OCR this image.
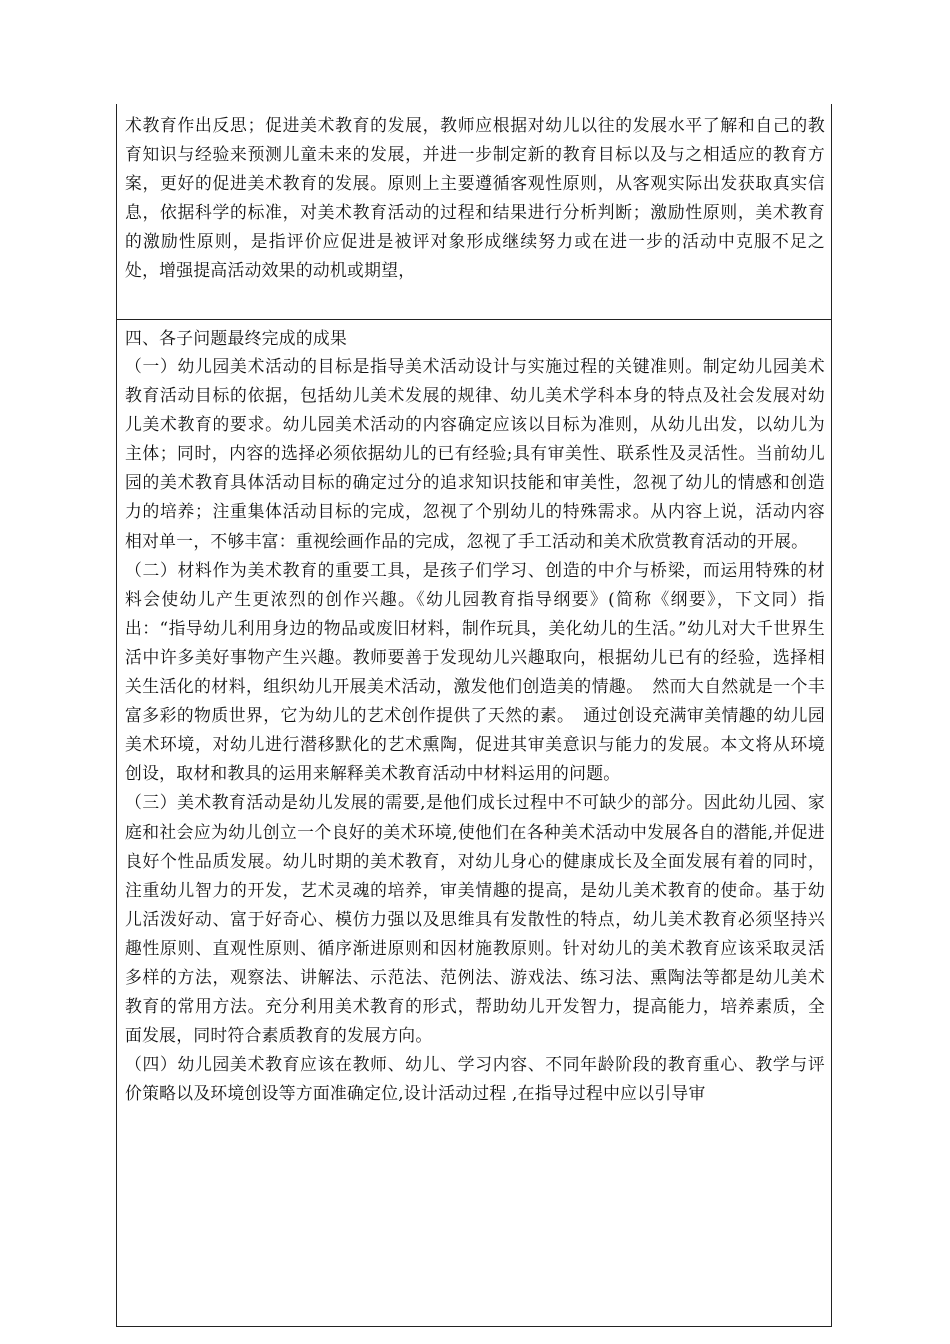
术教育作出反思；促进美术教育的发展，教师应根据对幼儿以往的发展水平了解和自己的教育知识与经验来预测儿童未来的发展，并进一步制定新的教育目标以及与之相适应的教育方案，更好的促进美术教育的发展。原则上主要遵循客观性原则，从客观实际出发获取真实信息，依据科学的标准，对美术教育活动的过程和结果进行分析判断；激励性原则，美术教育的激励性原则，是指评价应促进是被评对象形成继续努力或在进一步的活动中克服不足之处，增强提高活动效果的动机或期望，

四、各子问题最终完成的成果

（一）幼儿园美术活动的目标是指导美术活动设计与实施过程的关键准则。制定幼儿园美术教育活动目标的依据，包括幼儿美术发展的规律、幼儿美术学科本身的特点及社会发展对幼儿美术教育的要求。幼儿园美术活动的内容确定应该以目标为准则，从幼儿出发，以幼儿为主体；同时，内容的选择必须依据幼儿的已有经验;具有审美性、联系性及灵活性。当前幼儿园的美术教育具体活动目标的确定过分的追求知识技能和审美性，忽视了幼儿的情感和创造力的培养；注重集体活动目标的完成，忽视了个别幼儿的特殊需求。从内容上说，活动内容相对单一，不够丰富：重视绘画作品的完成，忽视了手工活动和美术欣赏教育活动的开展。

（二）材料作为美术教育的重要工具，是孩子们学习、创造的中介与桥梁，而运用特殊的材料会使幼儿产生更浓烈的创作兴趣。《幼儿园教育指导纲要》(简称《纲要》，下文同）指出：“指导幼儿利用身边的物品或废旧材料，制作玩具，美化幼儿的生活。”幼儿对大千世界生活中许多美好事物产生兴趣。教师要善于发现幼儿兴趣取向，根据幼儿已有的经验，选择相关生活化的材料，组织幼儿开展美术活动，激发他们创造美的情趣。　然而大自然就是一个丰富多彩的物质世界，它为幼儿的艺术创作提供了天然的素。　通过创设充满审美情趣的幼儿园美术环境，对幼儿进行潜移默化的艺术熏陶，促进其审美意识与能力的发展。本文将从环境创设，取材和教具的运用来解释美术教育活动中材料运用的问题。

（三）美术教育活动是幼儿发展的需要,是他们成长过程中不可缺少的部分。因此幼儿园、家庭和社会应为幼儿创立一个良好的美术环境,使他们在各种美术活动中发展各自的潜能,并促进良好个性品质发展。幼儿时期的美术教育，对幼儿身心的健康成长及全面发展有着的同时，注重幼儿智力的开发，艺术灵魂的培养，审美情趣的提高，是幼儿美术教育的使命。基于幼儿活泼好动、富于好奇心、模仿力强以及思维具有发散性的特点，幼儿美术教育必须坚持兴趣性原则、直观性原则、循序渐进原则和因材施教原则。针对幼儿的美术教育应该采取灵活多样的方法，观察法、讲解法、示范法、范例法、游戏法、练习法、熏陶法等都是幼儿美术教育的常用方法。充分利用美术教育的形式，帮助幼儿开发智力，提高能力，培养素质，全面发展，同时符合素质教育的发展方向。

（四）幼儿园美术教育应该在教师、幼儿、学习内容、不同年龄阶段的教育重心、教学与评价策略以及环境创设等方面准确定位,设计活动过程 ,在指导过程中应以引导审
